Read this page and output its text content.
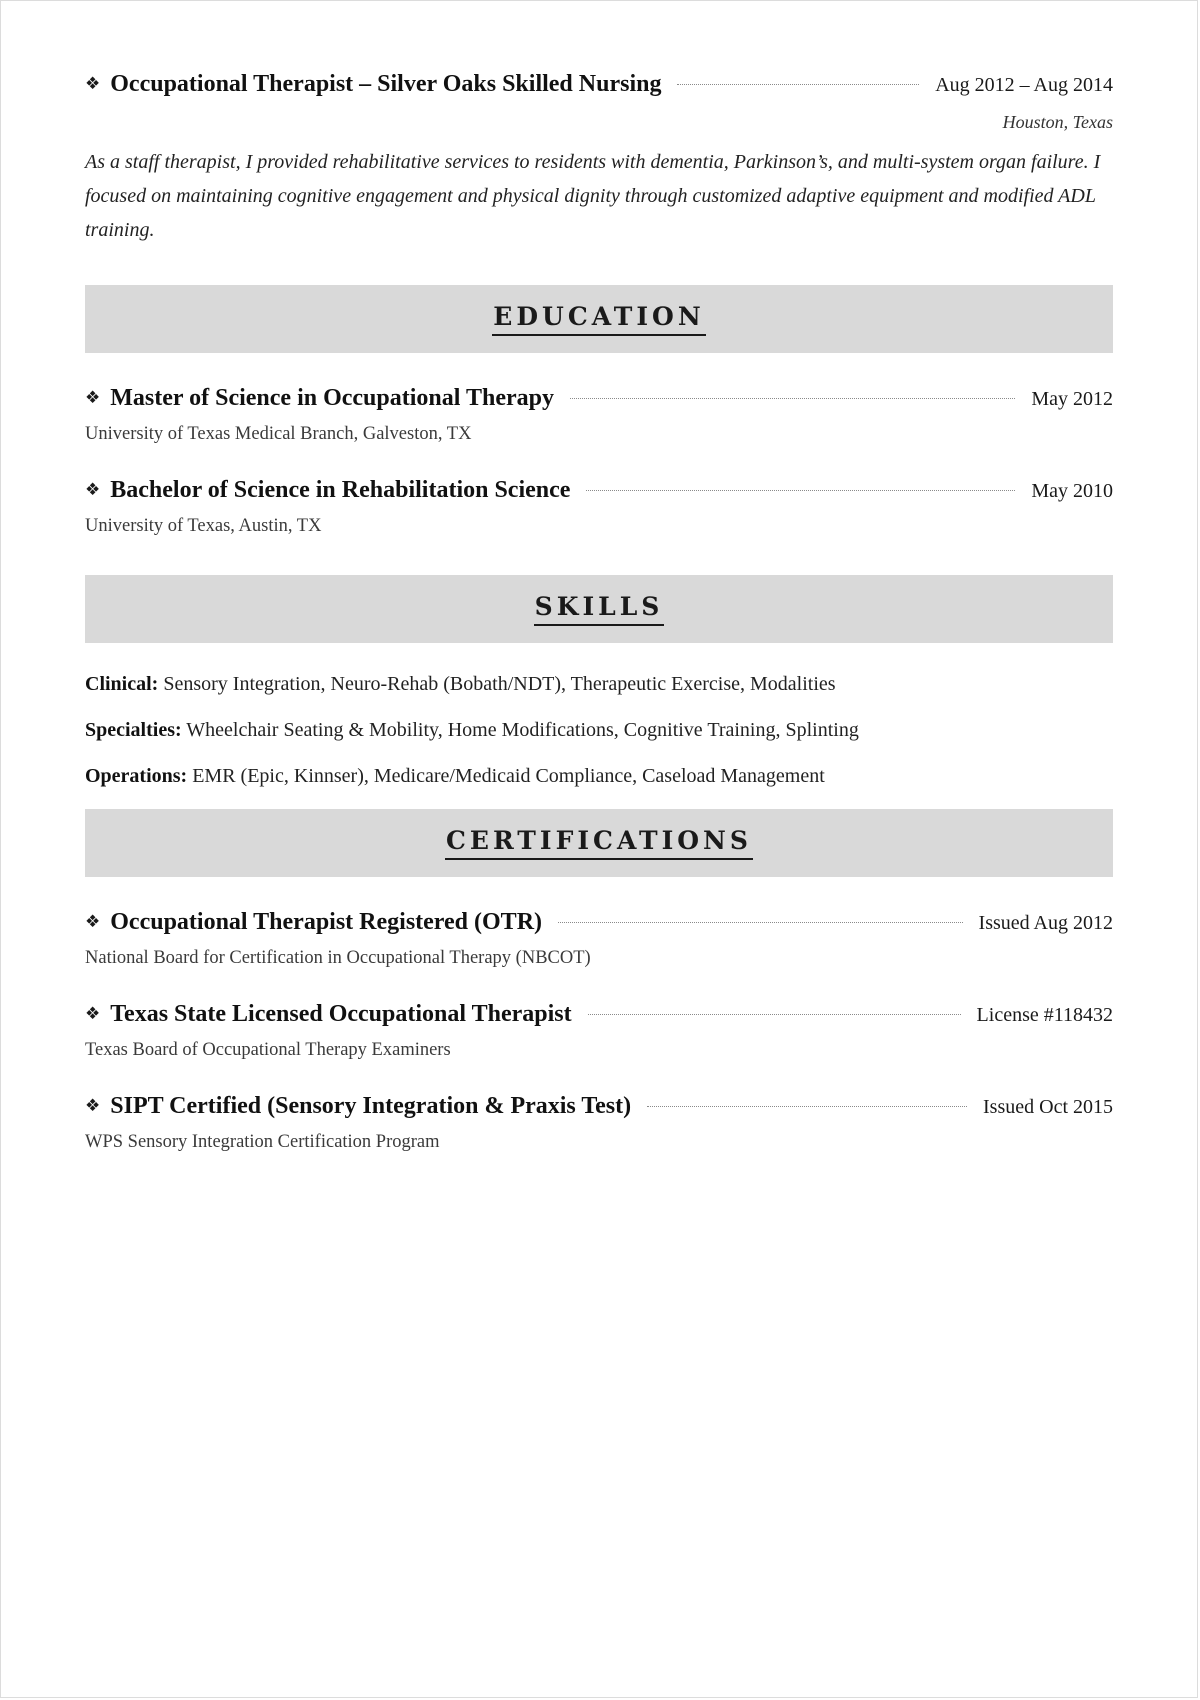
❖ Occupational Therapist – Silver Oaks Skilled Nursing	Aug 2012 – Aug 2014
Houston, Texas
As a staff therapist, I provided rehabilitative services to residents with dementia, Parkinson’s, and multi-system organ failure. I focused on maintaining cognitive engagement and physical dignity through customized adaptive equipment and modified ADL training.
EDUCATION
❖ Master of Science in Occupational Therapy	May 2012
University of Texas Medical Branch, Galveston, TX
❖ Bachelor of Science in Rehabilitation Science	May 2010
University of Texas, Austin, TX
SKILLS
Clinical: Sensory Integration, Neuro-Rehab (Bobath/NDT), Therapeutic Exercise, Modalities
Specialties: Wheelchair Seating & Mobility, Home Modifications, Cognitive Training, Splinting
Operations: EMR (Epic, Kinnser), Medicare/Medicaid Compliance, Caseload Management
CERTIFICATIONS
❖ Occupational Therapist Registered (OTR)	Issued Aug 2012
National Board for Certification in Occupational Therapy (NBCOT)
❖ Texas State Licensed Occupational Therapist	License #118432
Texas Board of Occupational Therapy Examiners
❖ SIPT Certified (Sensory Integration & Praxis Test)	Issued Oct 2015
WPS Sensory Integration Certification Program
